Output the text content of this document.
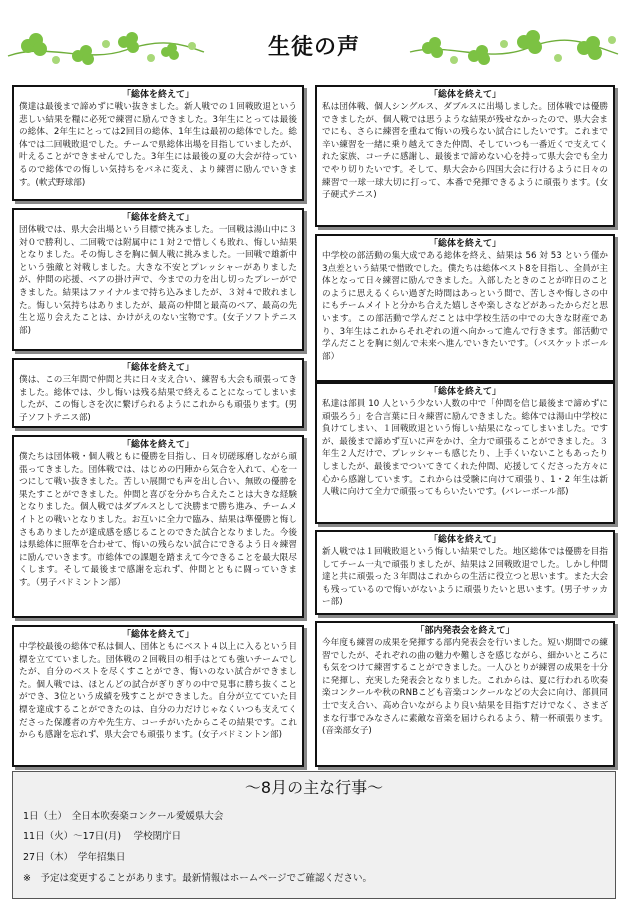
生徒の声
「総体を終えて」

僕達は最後まで諦めずに戦い抜きました。新人戦での１回戦敗退という悲しい結果を糧に必死で練習に励んできました。3年生にとっては最後の総体、2年生にとっては2回目の総体、1年生は最初の総体でした。総体では二回戦敗退でした。チームで県総体出場を目指していましたが、叶えることができませんでした。3年生には最後の夏の大会が待っているので総体での悔しい気持ちをバネに変え、より練習に励んでいきます。(軟式野球部)

「総体を終えて」

団体戦では、県大会出場という目標で挑みました。一回戦は湯山中に３対０で勝利し、二回戦では附属中に１対２で惜しくも敗れ、悔しい結果となりました。その悔しさを胸に個人戦に挑みました。一回戦で雄新中という強敵と対戦しました。大きな不安とプレッシャーがありましたが、仲間の応援、ペアの掛け声で、今までの力を出し切ったプレーができました。結果はファイナルまで持ち込みましたが、３対４で敗れました。悔しい気持ちはありましたが、最高の仲間と最高のペア、最高の先生と巡り会えたことは、かけがえのない宝物です。(女子ソフトテニス部)

「総体を終えて」

僕は、この三年間で仲間と共に日々支え合い、練習も大会も頑張ってきました。総体では、少し悔いは残る結果で終えることになってしまいましたが、この悔しさを次に繋げられるようにこれからも頑張ります。(男子ソフトテニス部)

「総体を終えて」

僕たちは団体戦・個人戦ともに優勝を目指し、日々切磋琢磨しながら頑張ってきました。団体戦では、はじめの円陣から気合を入れて、心を一つにして戦い抜きました。苦しい展開でも声を出し合い、無敗の優勝を果たすことができました。仲間と喜びを分かち合えたことは大きな経験となりました。個人戦ではダブルスとして決勝まで勝ち進み、チームメイトとの戦いとなりました。お互いに全力で臨み、結果は準優勝と悔しさもありましたが達成感を感じることのできた試合となりました。今後は県総体に照準を合わせて、悔いの残らない試合にできるよう日々練習に励んでいきます。市総体での課題を踏まえて今できることを最大限尽くします。そして最後まで感謝を忘れず、仲間とともに闘っていきます。（男子バドミントン部）

「総体を終えて」

中学校最後の総体で私は個人、団体ともにベスト４以上に入るという目標を立てていました。団体戦の２回戦目の相手はとても強いチームでしたが、自分のベストを尽くすことができ、悔いのない試合ができました。個人戦では、ほとんどの試合がぎりぎりの中で見事に勝ち抜くことができ、3位という成績を残すことができました。自分が立てていた目標を達成することができたのは、自分の力だけじゃなくいつも支えてくださった保護者の方や先生方、コーチがいたからこその結果です。これからも感謝を忘れず、県大会でも頑張ります。(女子バドミントン部)

「総体を終えて」

私は団体戦、個人シングルス、ダブルスに出場しました。団体戦では優勝できましたが、個人戦では思うような結果が残せなかったので、県大会までにも、さらに練習を重ねて悔いの残らない試合にしたいです。これまで辛い練習を一緒に乗り越えてきた仲間、そしていつも一番近くで支えてくれた家族、コーチに感謝し、最後まで諦めない心を持って県大会でも全力でやり切りたいです。そして、県大会から四国大会に行けるように日々の練習で一球一球大切に打って、本番で発揮できるように頑張ります。(女子硬式テニス)

「総体を終えて」

中学校の部活動の集大成である総体を終え、結果は 56 対 53 という僅か3点差という結果で惜敗でした。僕たちは総体ベスト8を目指し、全員が主体となって日々練習に励んできました。入部したときのことが昨日のことのように思えるくらい過ぎた時間はあっという間で、苦しさや悔しさの中にもチームメイトと分かち合えた嬉しさや楽しさなどがあったからだと思います。この部活動で学んだことは中学校生活の中での大きな財産であり、3年生はこれからそれぞれの道へ向かって進んで行きます。部活動で学んだことを胸に刻んで未来へ進んでいきたいです。（バスケットボール部）

「総体を終えて」

私達は部員 10 人という少ない人数の中で「仲間を信じ最後まで諦めずに頑張ろう」を合言葉に日々練習に励んできました。総体では湯山中学校に負けてしまい、１回戦敗退という悔しい結果になってしまいました。ですが、最後まで諦めず互いに声をかけ、全力で頑張ることができました。３年生２人だけで、プレッシャーも感じたり、上手くいないこともあったりしましたが、最後までついてきてくれた仲間、応援してくださった方々に心から感謝しています。これからは受験に向けて頑張り、1・2 年生は新人戦に向けて全力で頑張ってもらいたいです。(バレーボール部)

「総体を終えて」

新人戦では１回戦敗退という悔しい結果でした。地区総体では優勝を目指してチーム一丸で頑張りましたが、結果は２回戦敗退でした。しかし仲間達と共に頑張った３年間はこれからの生活に役立つと思います。また大会も残っているので悔いがないように頑張りたいと思います。(男子サッカー部)

「部内発表会を終えて」

今年度も練習の成果を発揮する部内発表会を行いました。短い期間での練習でしたが、それぞれの曲の魅力や難しさを感じながら、細かいところにも気をつけて練習することができました。一人ひとりが練習の成果を十分に発揮し、充実した発表会となりました。これからは、夏に行われる吹奏楽コンクールや秋のRNBこども音楽コンクールなどの大会に向け、部員同士で支え合い、高め合いながらより良い結果を目指すだけでなく、さまざまな行事でみなさんに素敵な音楽を届けられるよう、精一杯頑張ります。(音楽部女子)

～8月の主な行事～
1日（土）　全日本吹奏楽コンクール愛媛県大会
11日（火）～17日(月)　 学校閉庁日
27日（木）　学年招集日
※　予定は変更することがあります。最新情報はホームページでご確認ください。
